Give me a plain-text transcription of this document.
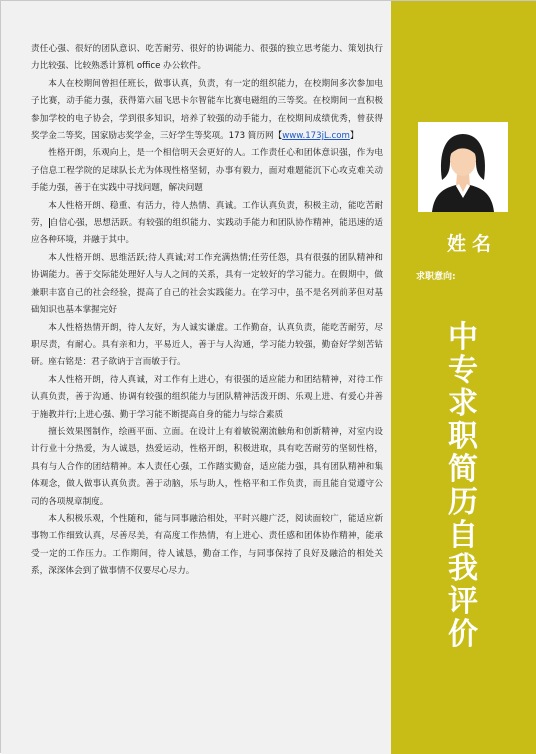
责任心强、很好的团队意识、吃苦耐劳、很好的协调能力、很强的独立思考能力、策划执行力比较强、比较熟悉计算机 office 办公软件。

本人在校期间曾担任班长，做事认真，负责，有一定的组织能力，在校期间多次参加电子比赛，动手能力强，获得第六届飞思卡尔智能车比赛电磁组的三等奖。在校期间一直积极参加学校的电子协会，学到很多知识，培养了较强的动手能力，在校期间成绩优秀，曾获得奖学金二等奖，国家励志奖学金，三好学生等奖项。173 简历网【www.173jL.com】

性格开朗，乐观向上，是一个相信明天会更好的人。工作责任心和团体意识强，作为电子信息工程学院的足球队长尤为体现性格坚韧，办事有毅力，面对难题能沉下心攻克难关动手能力强，善于在实践中寻找问题，解决问题

本人性格开朗、稳重、有活力，待人热情、真诚。工作认真负责，积极主动，能吃苦耐劳，自信心强，思想活跃。有较强的组织能力、实践动手能力和团队协作精神，能迅速的适应各种环境，并融于其中。

本人性格开朗、思维活跃;待人真诚;对工作充满热情;任劳任怨，具有很强的团队精神和协调能力。善于交际能处理好人与人之间的关系，具有一定较好的学习能力。在假期中，做兼职丰富自己的社会经验，提高了自己的社会实践能力。在学习中，虽不是名列前茅但对基础知识也基本掌握完好

本人性格热情开朗，待人友好，为人诚实谦虚。工作勤奋，认真负责，能吃苦耐劳，尽职尽责，有耐心。具有亲和力，平易近人，善于与人沟通，学习能力较强，勤奋好学刻苦钻研。座右铭是：君子欲讷于言而敏于行。

本人性格开朗，待人真诚，对工作有上进心，有很强的适应能力和团结精神，对待工作认真负责，善于沟通、协调有较强的组织能力与团队精神活泼开朗、乐观上进、有爱心并善于施教并行;上进心强、勤于学习能不断提高自身的能力与综合素质

擅长效果图制作，绘画平面、立面。在设计上有着敏锐潮流触角和创新精神，对室内设计行业十分热爱，为人诚恳，热爱运动，性格开朗，积极进取，具有吃苦耐劳的坚韧性格，具有与人合作的团结精神。本人责任心强，工作踏实勤奋，适应能力强，具有团队精神和集体观念，做人做事认真负责。善于动脑，乐与助人，性格平和工作负责，而且能自觉遵守公司的各项规章制度。

本人积极乐观，个性随和，能与同事融洽相处，平时兴趣广泛，阅读面较广，能适应新事物工作细致认真，尽善尽美，有高度工作热情，有上进心、责任感和团体协作精神，能承受一定的工作压力。工作期间，待人诚恳，勤奋工作，与同事保持了良好及融洽的相处关系，深深体会到了做事情不仅要尽心尽力。

姓名
求职意向:
中
专
求
职
简
历
自
我
评
价
